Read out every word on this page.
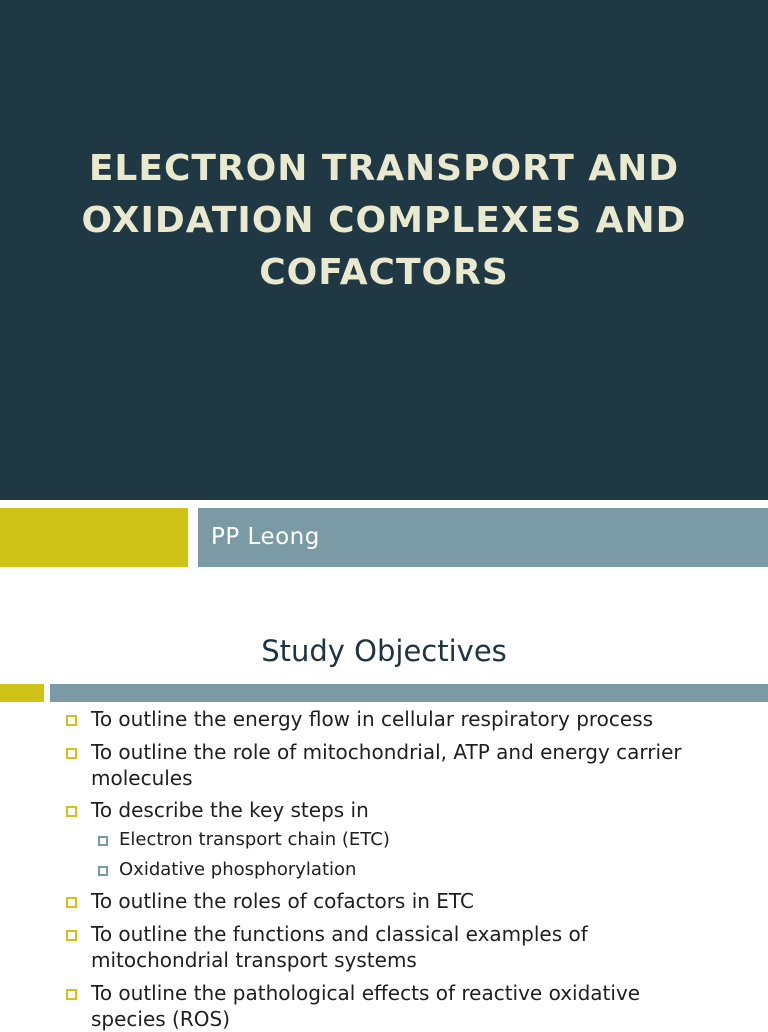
ELECTRON TRANSPORT AND
OXIDATION COMPLEXES AND
COFACTORS
PP Leong
Study Objectives
To outline the energy flow in cellular respiratory process
To outline the role of mitochondrial, ATP and energy carrier
molecules
To describe the key steps in
Electron transport chain (ETC)
Oxidative phosphorylation
To outline the roles of cofactors in ETC
To outline the functions and classical examples of
mitochondrial transport systems
To outline the pathological effects of reactive oxidative
species (ROS)
